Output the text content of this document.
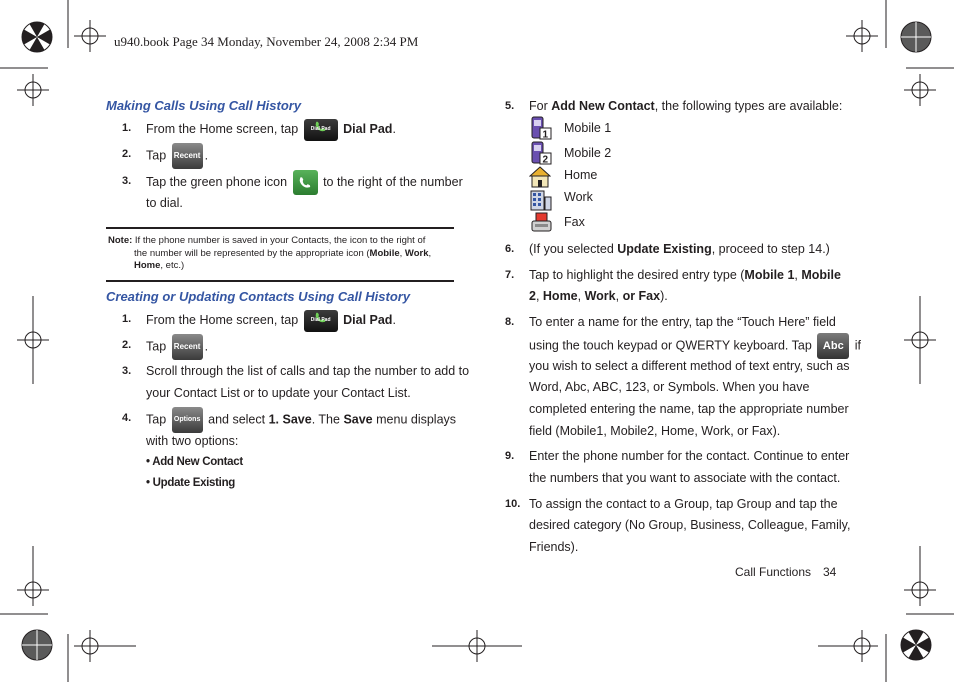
u940.book Page 34 Monday, November 24, 2008 2:34 PM
Making Calls Using Call History
1.	From the Home screen, tap	Dial Pad	Dial Pad.
2.	Tap Recent .
3.	Tap the green phone icon	to the right of the number
to dial.
Note: If the phone number is saved in your Contacts, the icon to the right of
the number will be represented by the appropriate icon (Mobile, Work,
Home, etc.)
Creating or Updating Contacts Using Call History
1.	From the Home screen, tap	Dial Pad	Dial Pad.
2.	Tap Recent .
3.	Scroll through the list of calls and tap the number to add to
your Contact List or to update your Contact List.
4.	Tap Options and select 1. Save. The Save menu displays
with two options:
• Add New Contact
• Update Existing
5.	For Add New Contact, the following types are available:
1
2
Mobile 1
Mobile 2
Home
Work
Fax
6.	(If you selected Update Existing, proceed to step 14.)
7.	Tap to highlight the desired entry type (Mobile 1, Mobile
2, Home, Work, or Fax).
8.	To enter a name for the entry, tap the “Touch Here” field
using the touch keypad or QWERTY keyboard. Tap Abc if
you wish to select a different method of text entry, such as
Word, Abc, ABC, 123, or Symbols. When you have
completed entering the name, tap the appropriate number
field (Mobile1, Mobile2, Home, Work, or Fax).
9.	Enter the phone number for the contact. Continue to enter
the numbers that you want to associate with the contact.
10. To assign the contact to a Group, tap Group and tap the
desired category (No Group, Business, Colleague, Family,
Friends).
Call Functions 34
